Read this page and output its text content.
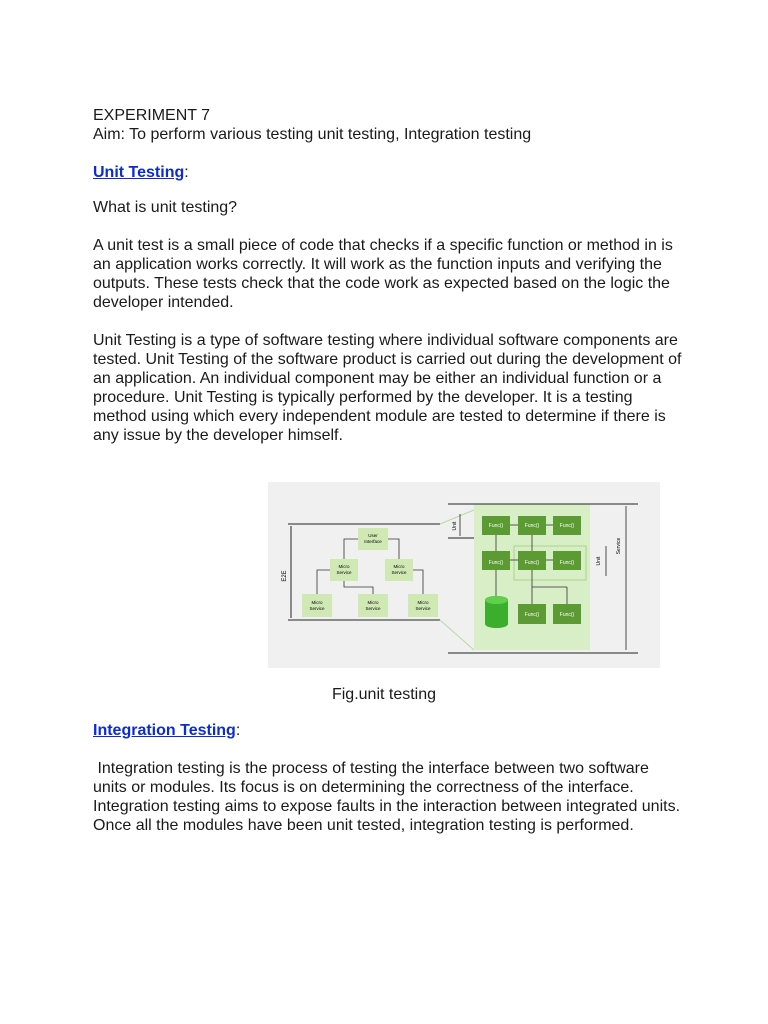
EXPERIMENT 7

Aim: To perform various testing unit testing, Integration testing

Unit Testing:

What is unit testing?

A unit test is a small piece of code that checks if a specific function or method in is an application works correctly. It will work as the function inputs and verifying the outputs. These tests check that the code work as expected based on the logic the developer intended.

Unit Testing is a type of software testing where individual software components are tested. Unit Testing of the software product is carried out during the development of an application. An individual component may be either an individual function or a procedure. Unit Testing is typically performed by the developer. It is a testing method using which every independent module are tested to determine if there is any issue by the developer himself.

E2E
User
Interface
Micro
Service
Micro
Service
Micro
Service
Micro
Service
Micro
Service
Unit
Service
Unit
Func()	Func()	Func()
Func()	Func()	Func()
Func()	Func()
Fig.unit testing

Integration Testing:

Integration testing is the process of testing the interface between two software units or modules. Its focus is on determining the correctness of the interface. Integration testing aims to expose faults in the interaction between integrated units. Once all the modules have been unit tested, integration testing is performed.
